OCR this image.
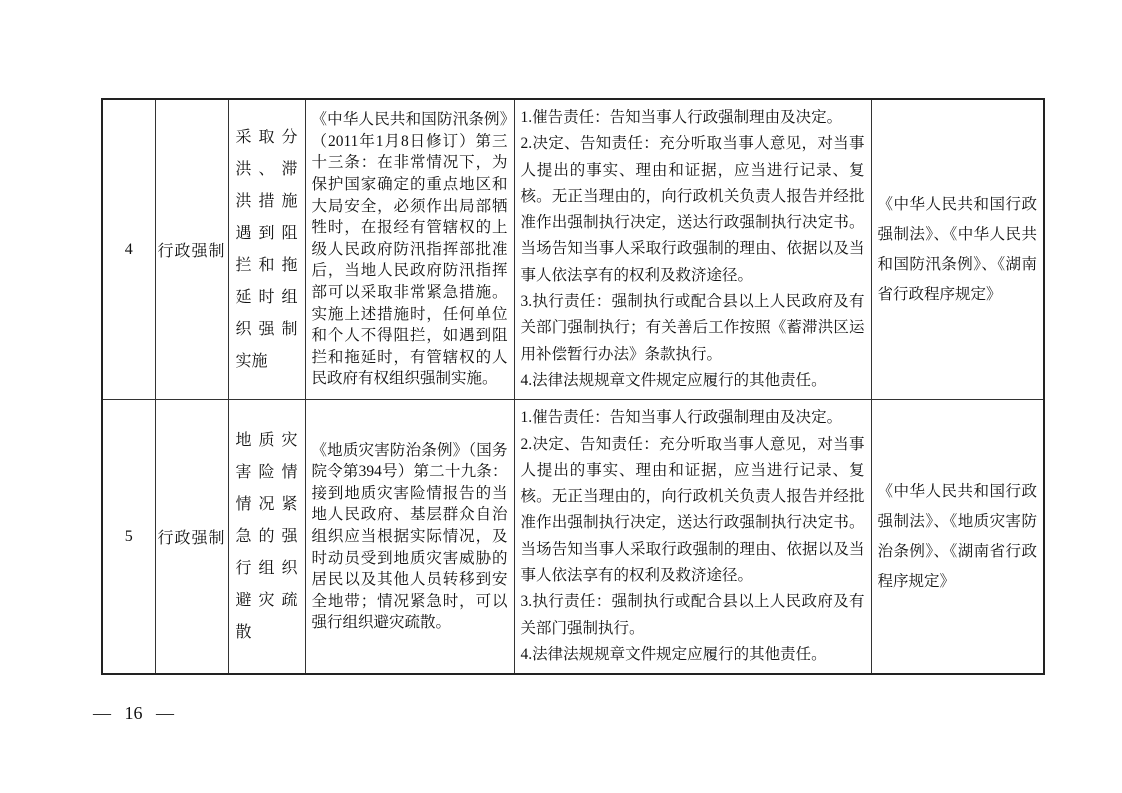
4	行政强制	采取分洪、滞洪措施遇到阻拦和拖延时组织强制实施	《中华人民共和国防汛条例》（2011年1月8日修订）第三十三条：在非常情况下，为保护国家确定的重点地区和大局安全，必须作出局部牺牲时，在报经有管辖权的上级人民政府防汛指挥部批准后，当地人民政府防汛指挥部可以采取非常紧急措施。实施上述措施时，任何单位和个人不得阻拦，如遇到阻拦和拖延时，有管辖权的人民政府有权组织强制实施。	1.催告责任：告知当事人行政强制理由及决定。

2.决定、告知责任：充分听取当事人意见，对当事人提出的事实、理由和证据，应当进行记录、复核。无正当理由的，向行政机关负责人报告并经批准作出强制执行决定，送达行政强制执行决定书。当场告知当事人采取行政强制的理由、依据以及当事人依法享有的权利及救济途径。

3.执行责任：强制执行或配合县以上人民政府及有关部门强制执行；有关善后工作按照《蓄滞洪区运用补偿暂行办法》条款执行。

4.法律法规规章文件规定应履行的其他责任。	《中华人民共和国行政强制法》、《中华人民共和国防汛条例》、《湖南省行政程序规定》
5	行政强制	地质灾害险情情况紧急的强行组织避灾疏散	《地质灾害防治条例》（国务院令第394号）第二十九条：接到地质灾害险情报告的当地人民政府、基层群众自治组织应当根据实际情况，及时动员受到地质灾害威胁的居民以及其他人员转移到安全地带；情况紧急时，可以强行组织避灾疏散。	1.催告责任：告知当事人行政强制理由及决定。

2.决定、告知责任：充分听取当事人意见，对当事人提出的事实、理由和证据，应当进行记录、复核。无正当理由的，向行政机关负责人报告并经批准作出强制执行决定，送达行政强制执行决定书。当场告知当事人采取行政强制的理由、依据以及当事人依法享有的权利及救济途径。

3.执行责任：强制执行或配合县以上人民政府及有关部门强制执行。

4.法律法规规章文件规定应履行的其他责任。	《中华人民共和国行政强制法》、《地质灾害防治条例》、《湖南省行政程序规定》
— 16 —
